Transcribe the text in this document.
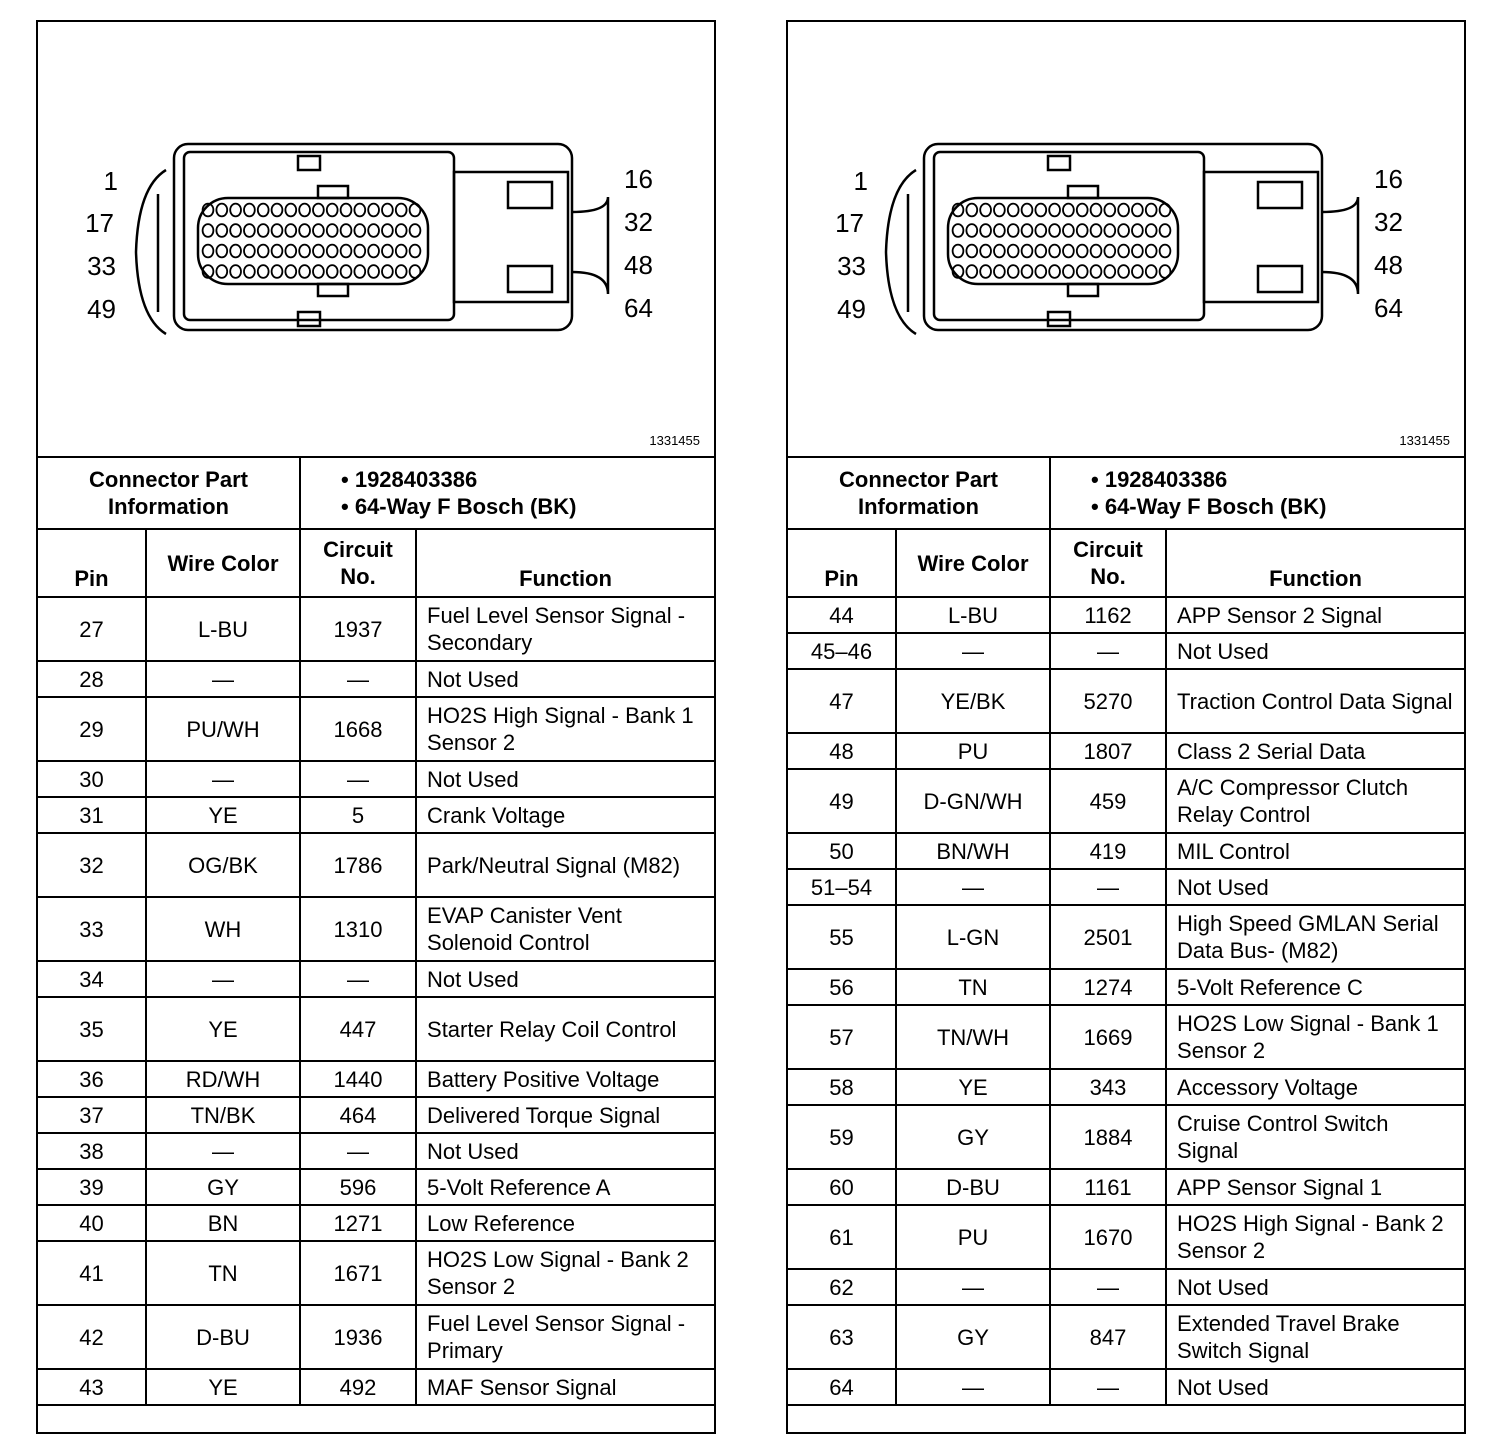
1
17
33
49
16
32
48
64
1331455
Connector Part Information		• 1928403386
• 64-Way F Bosch (BK)	

Pin	Wire Color	Circuit No.	Function
27	L-BU	1937	Fuel Level Sensor Signal - Secondary
28	—	—	Not Used
29	PU/WH	1668	HO2S High Signal - Bank 1 Sensor 2
30	—	—	Not Used
31	YE	5	Crank Voltage
32	OG/BK	1786	Park/Neutral Signal (M82)
33	WH	1310	EVAP Canister Vent Solenoid Control
34	—	—	Not Used
35	YE	447	Starter Relay Coil Control
36	RD/WH	1440	Battery Positive Voltage
37	TN/BK	464	Delivered Torque Signal
38	—	—	Not Used
39	GY	596	5-Volt Reference A
40	BN	1271	Low Reference
41	TN	1671	HO2S Low Signal - Bank 2 Sensor 2
42	D-BU	1936	Fuel Level Sensor Signal - Primary
43	YE	492	MAF Sensor Signal
1
17
33
49
16
32
48
64
1331455
Connector Part Information		• 1928403386
• 64-Way F Bosch (BK)	

Pin	Wire Color	Circuit No.	Function
44	L-BU	1162	APP Sensor 2 Signal
45–46	—	—	Not Used
47	YE/BK	5270	Traction Control Data Signal
48	PU	1807	Class 2 Serial Data
49	D-GN/WH	459	A/C Compressor Clutch Relay Control
50	BN/WH	419	MIL Control
51–54	—	—	Not Used
55	L-GN	2501	High Speed GMLAN Serial Data Bus- (M82)
56	TN	1274	5-Volt Reference C
57	TN/WH	1669	HO2S Low Signal - Bank 1 Sensor 2
58	YE	343	Accessory Voltage
59	GY	1884	Cruise Control Switch Signal
60	D-BU	1161	APP Sensor Signal 1
61	PU	1670	HO2S High Signal - Bank 2 Sensor 2
62	—	—	Not Used
63	GY	847	Extended Travel Brake Switch Signal
64	—	—	Not Used
